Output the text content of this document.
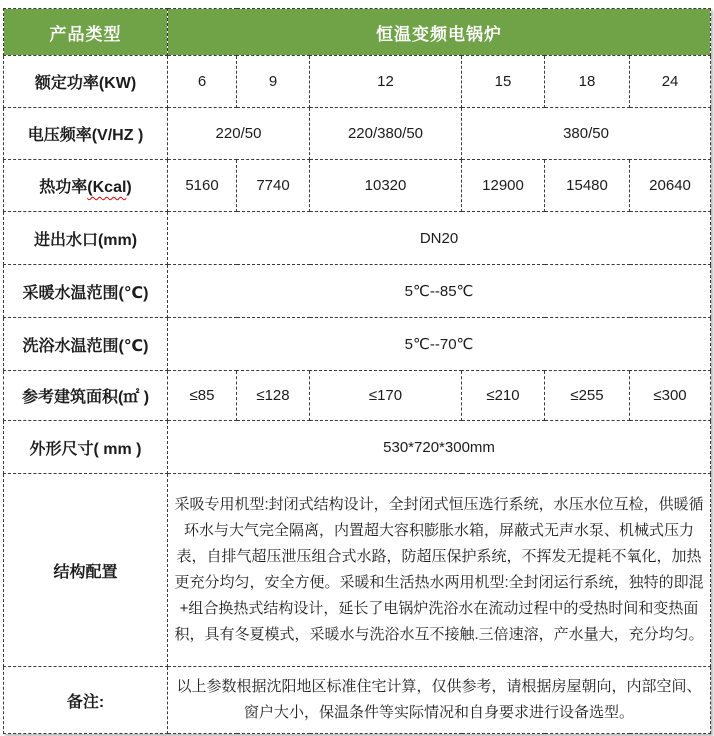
产品类型	恒温变频电锅炉					
额定功率(KW)	6	9	12	15	18	24
电压频率(V/HZ )	220/50		220/380/50	380/50		
热功率(Kcal)	5160	7740	10320	12900	15480	20640
进出水口(mm)	DN20					
采暖水温范围(℃)	5℃--85℃					
洗浴水温范围(℃)	5℃--70℃					
参考建筑面积(㎡ )	≤85	≤128	≤170	≤210	≤255	≤300
外形尺寸( mm )	530*720*300mm					
结构配置	采吸专用机型:封闭式结构设计，全封闭式恒压选行系统，水压水位互检，供暖循环水与大气完全隔离，内置超大容积膨胀水箱，屏蔽式无声水泵、机械式压力表，自排气超压泄压组合式水路，防超压保护系统，不挥发无提耗不氧化，加热更充分均匀，安全方便。采暖和生活热水两用机型:全封闭运行系统，独特的即混+组合换热式结构设计，延长了电锅炉洗浴水在流动过程中的受热时间和变热面积，具有冬夏模式，采暖水与洗浴水互不接触.三倍速溶，产水量大，充分均匀。					
备注:	以上参数根据沈阳地区标准住宅计算，仅供参考，请根据房屋朝向，内部空间、窗户大小，保温条件等实际情况和自身要求进行设备选型。					
